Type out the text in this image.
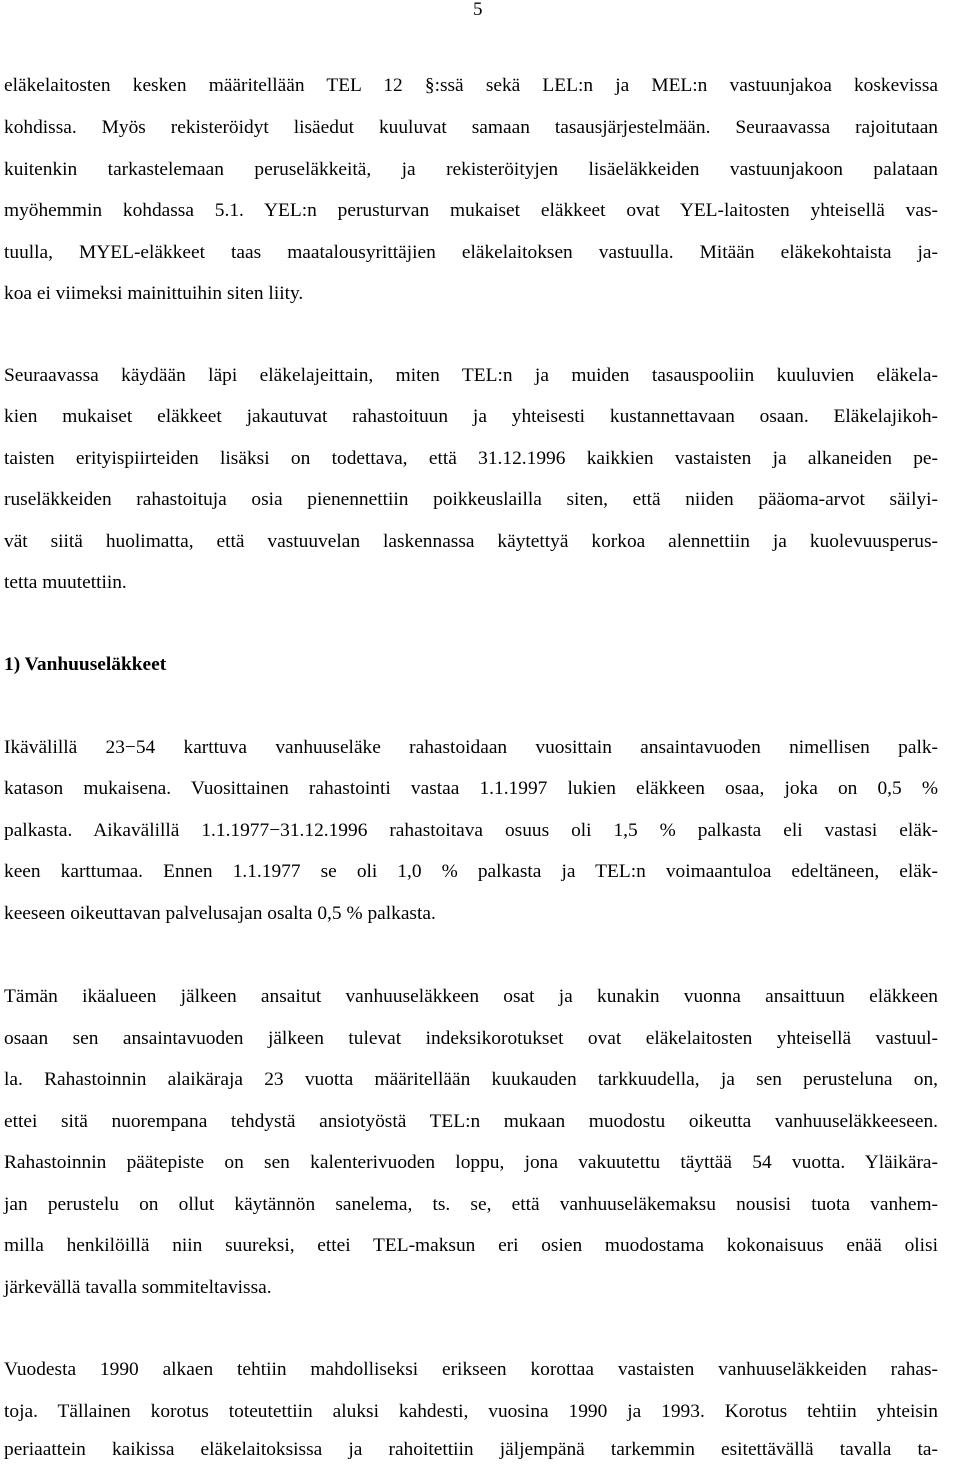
5
eläkelaitosten kesken määritellään TEL 12 §:ssä sekä LEL:n ja MEL:n vastuunjakoa koskevissa
kohdissa. Myös rekisteröidyt lisäedut kuuluvat samaan tasausjärjestelmään. Seuraavassa rajoitutaan
kuitenkin tarkastelemaan peruseläkkeitä, ja rekisteröityjen lisäeläkkeiden vastuunjakoon palataan
myöhemmin kohdassa 5.1. YEL:n perusturvan mukaiset eläkkeet ovat YEL-laitosten yhteisellä vas-
tuulla, MYEL-eläkkeet taas maatalousyrittäjien eläkelaitoksen vastuulla. Mitään eläkekohtaista ja-
koa ei viimeksi mainittuihin siten liity.
Seuraavassa käydään läpi eläkelajeittain, miten TEL:n ja muiden tasauspooliin kuuluvien eläkela-
kien mukaiset eläkkeet jakautuvat rahastoituun ja yhteisesti kustannettavaan osaan. Eläkelajikoh-
taisten erityispiirteiden lisäksi on todettava, että 31.12.1996 kaikkien vastaisten ja alkaneiden pe-
ruseläkkeiden rahastoituja osia pienennettiin poikkeuslailla siten, että niiden pääoma-arvot säilyi-
vät siitä huolimatta, että vastuuvelan laskennassa käytettyä korkoa alennettiin ja kuolevuusperus-
tetta muutettiin.
1) Vanhuuseläkkeet
Ikävälillä 23−54 karttuva vanhuuseläke rahastoidaan vuosittain ansaintavuoden nimellisen palk-
katason mukaisena. Vuosittainen rahastointi vastaa 1.1.1997 lukien eläkkeen osaa, joka on 0,5 %
palkasta. Aikavälillä 1.1.1977−31.12.1996 rahastoitava osuus oli 1,5 % palkasta eli vastasi eläk-
keen karttumaa. Ennen 1.1.1977 se oli 1,0 % palkasta ja TEL:n voimaantuloa edeltäneen, eläk-
keeseen oikeuttavan palvelusajan osalta 0,5 % palkasta.
Tämän ikäalueen jälkeen ansaitut vanhuuseläkkeen osat ja kunakin vuonna ansaittuun eläkkeen
osaan sen ansaintavuoden jälkeen tulevat indeksikorotukset ovat eläkelaitosten yhteisellä vastuul-
la. Rahastoinnin alaikäraja 23 vuotta määritellään kuukauden tarkkuudella, ja sen perusteluna on,
ettei sitä nuorempana tehdystä ansiotyöstä TEL:n mukaan muodostu oikeutta vanhuuseläkkeeseen.
Rahastoinnin päätepiste on sen kalenterivuoden loppu, jona vakuutettu täyttää 54 vuotta. Yläikära-
jan perustelu on ollut käytännön sanelema, ts. se, että vanhuuseläkemaksu nousisi tuota vanhem-
milla henkilöillä niin suureksi, ettei TEL-maksun eri osien muodostama kokonaisuus enää olisi
järkevällä tavalla sommiteltavissa.
Vuodesta 1990 alkaen tehtiin mahdolliseksi erikseen korottaa vastaisten vanhuuseläkkeiden rahas-
toja. Tällainen korotus toteutettiin aluksi kahdesti, vuosina 1990 ja 1993. Korotus tehtiin yhteisin
periaattein kaikissa eläkelaitoksissa ja rahoitettiin jäljempänä tarkemmin esitettävällä tavalla ta-
